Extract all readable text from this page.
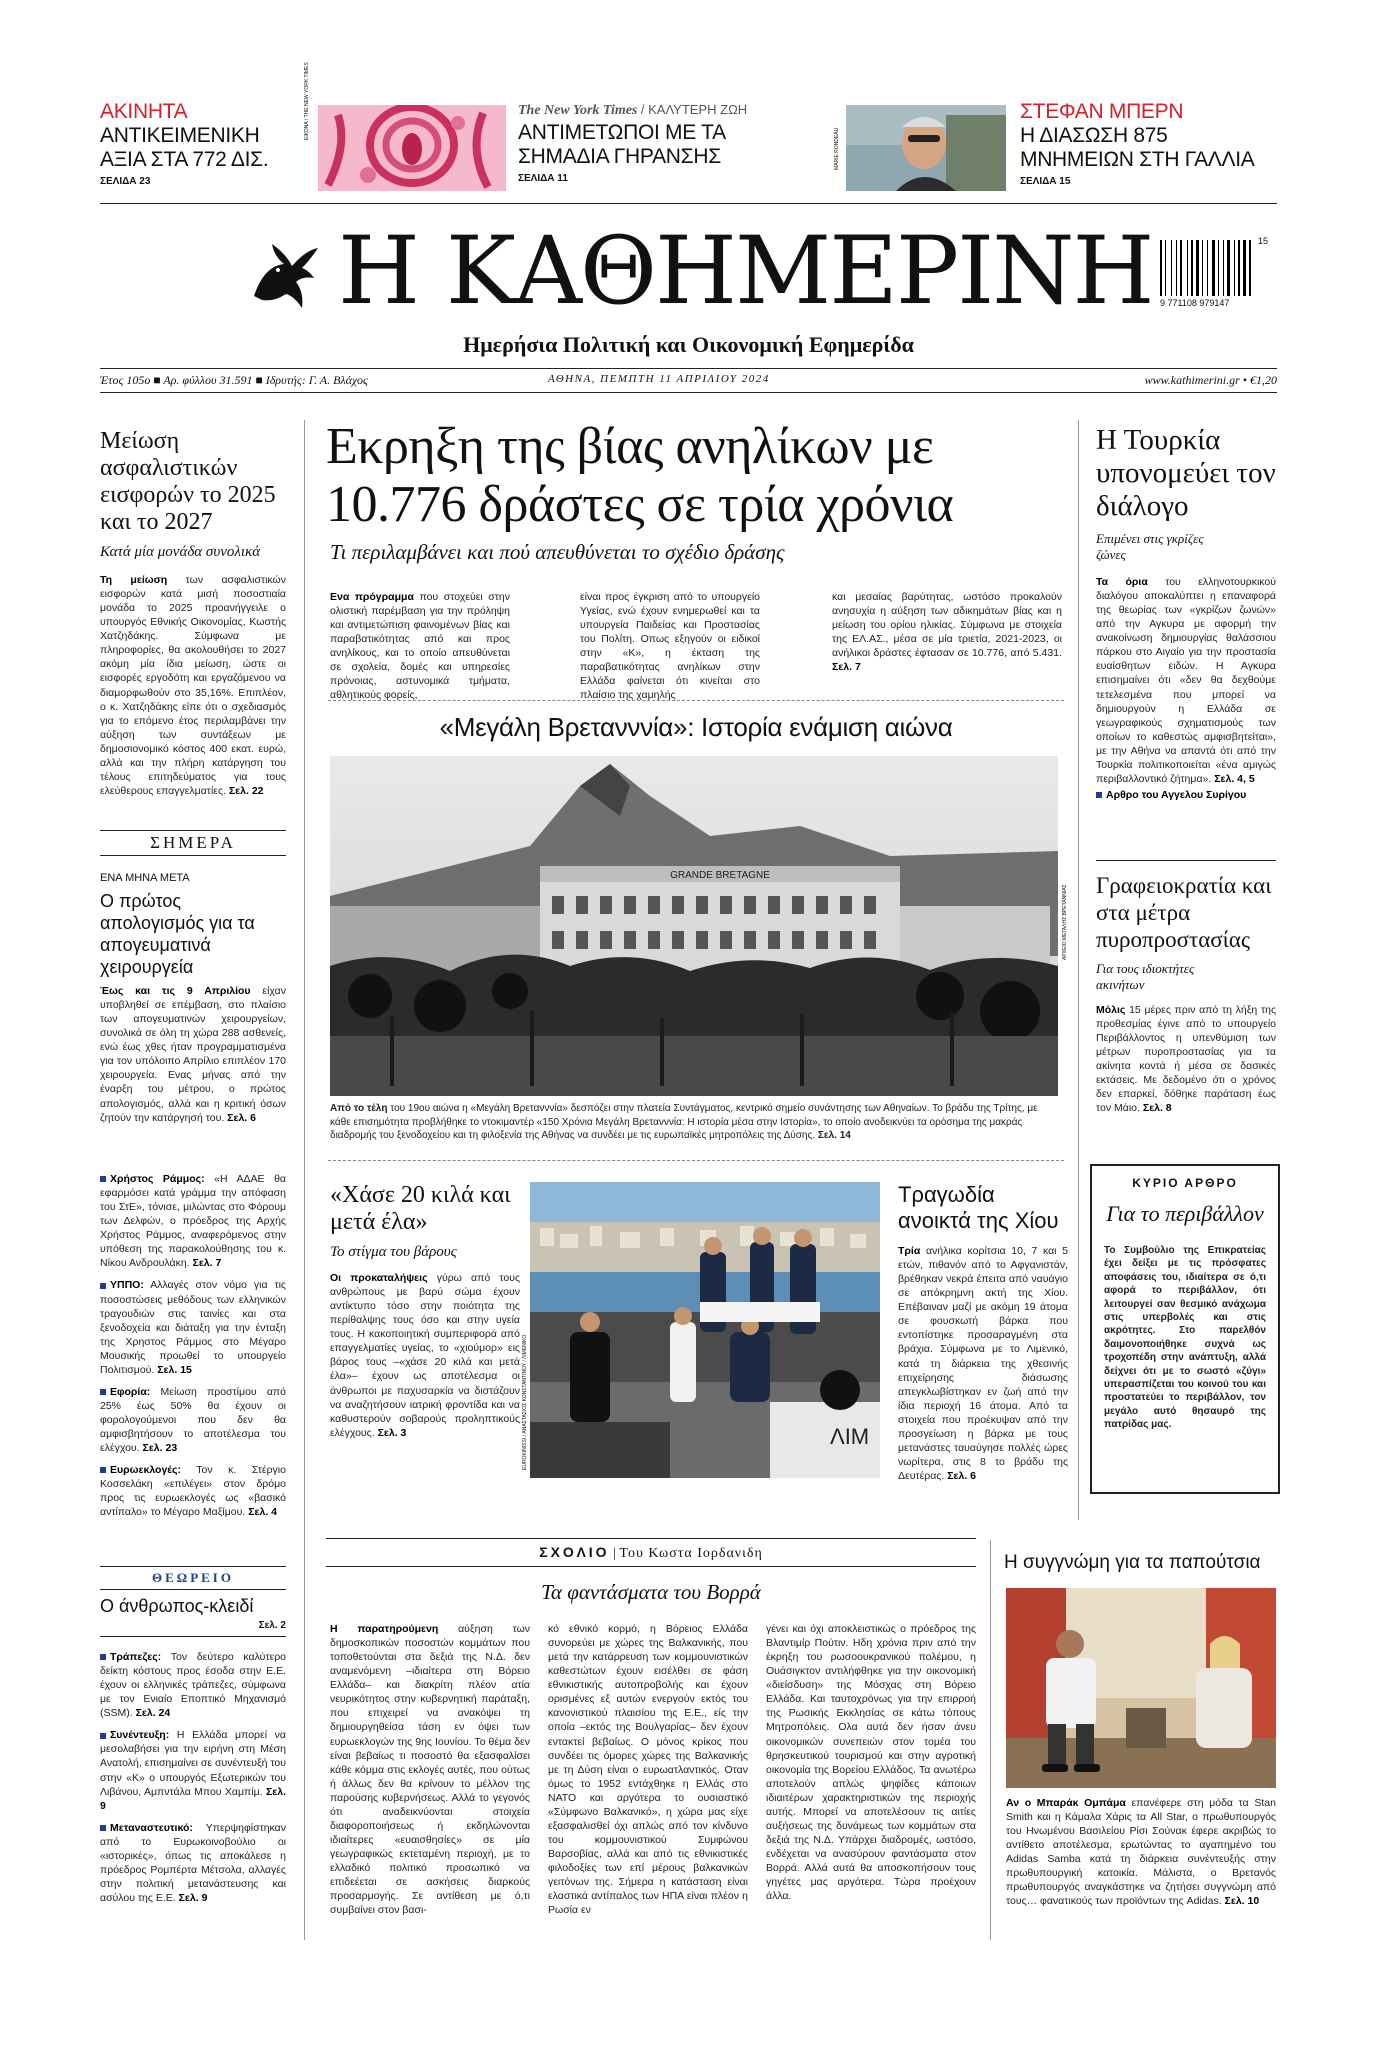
ΑΚΙΝΗΤΑ
ΑΝΤΙΚΕΙΜΕΝΙΚΗ ΑΞΙΑ ΣΤΑ 772 ΔΙΣ.
ΣΕΛΙΔΑ 23
ΕΙΚΟΝΑ / THE NEW YORK TIMES	The New York Times / ΚΑΛΥΤΕΡΗ ΖΩΗ
ΑΝΤΙΜΕΤΩΠΟΙ ΜΕ ΤΑ ΣΗΜΑΔΙΑ ΓΗΡΑΝΣΗΣ
ΣΕΛΙΔΑ 11
MARIE RONDEAU
ΣΤΕΦΑΝ ΜΠΕΡΝ
Η ΔΙΑΣΩΣΗ 875 ΜΝΗΜΕΙΩΝ ΣΤΗ ΓΑΛΛΙΑ
ΣΕΛΙΔΑ 15
Η ΚΑΘΗΜΕΡΙΝΗ 9 771108 979147
15
Ημερήσια Πολιτική και Οικονομική Εφημερίδα
Έτος 105ο ■ Αρ. φύλλου 31.591 ■ Ιδρυτής: Γ. Α. Βλάχος	ΑΘΗΝΑ, ΠΕΜΠΤΗ 11 ΑΠΡΙΛΙΟΥ 2024	www.kathimerini.gr • €1,20
Μείωση ασφαλιστικών εισφορών το 2025 και το 2027
Κατά μία μονάδα συνολικά
Τη μείωση των ασφαλιστικών εισφορών κατά μισή ποσοστιαία μονάδα το 2025 προανήγγειλε ο υπουργός Εθνικής Οικονομίας, Κωστής Χατζηδάκης. Σύμφωνα με πληροφορίες, θα ακολουθήσει το 2027 ακόμη μία ίδια μείωση, ώστε οι εισφορές εργοδότη και εργαζόμενου να διαμορφωθούν στο 35,16%. Επιπλέον, ο κ. Χατζηδάκης είπε ότι ο σχεδιασμός για το επόμενο έτος περιλαμβάνει την αύξηση των συντάξεων με δημοσιονομικό κόστος 400 εκατ. ευρώ, αλλά και την πλήρη κατάργηση του τέλους επιτηδεύματος για τους ελεύθερους επαγγελματίες. Σελ. 22
ΣΗΜΕΡΑ
ΕΝΑ ΜΗΝΑ ΜΕΤΑ
Ο πρώτος απολογισμός για τα απογευματινά χειρουργεία
Έως και τις 9 Απριλίου είχαν υποβληθεί σε επέμβαση, στο πλαίσιο των απογευματινών χειρουργείων, συνολικά σε όλη τη χώρα 288 ασθενείς, ενώ έως χθες ήταν προγραμματισμένα για τον υπόλοιπο Απρίλιο επιπλέον 170 χειρουργεία. Ενας μήνας από την έναρξη του μέτρου, ο πρώτος απολογισμός, αλλά και η κριτική όσων ζητούν την κατάργησή του. Σελ. 6
Χρήστος Ράμμος: «Η ΑΔΑΕ θα εφαρμόσει κατά γράμμα την απόφαση του ΣτΕ», τόνισε, μιλώντας στο Φόρουμ των Δελφών, ο πρόεδρος της Αρχής Χρήστος Ράμμος, αναφερόμενος στην υπόθεση της παρακολούθησης του κ. Νίκου Ανδρουλάκη. Σελ. 7
ΥΠΠΟ: Αλλαγές στον νόμο για τις ποσοστώσεις μεθόδους των ελληνικών τραγουδιών στις ταινίες και στα ξενοδοχεία και διάταξη για την ένταξη της Χρηστος Ράμμος στο Μέγαρο Μουσικής προωθεί το υπουργείο Πολιτισμού. Σελ. 15
Εφορία: Μείωση προστίμου από 25% έως 50% θα έχουν οι φορολογούμενοι που δεν θα αμφισβητήσουν το αποτέλεσμα του ελέγχου. Σελ. 23
Ευρωεκλογές: Τον κ. Στέργιο Κοσσελάκη «επιλέγει» στον δρόμο προς τις ευρωεκλογές ως «βασικό αντίπαλο» το Μέγαρο Μαξίμου. Σελ. 4
ΘΕΩΡΕΙΟ
Ο άνθρωπος-κλειδί
Σελ. 2
Τράπεζες: Τον δεύτερο καλύτερο δείκτη κόστους προς έσοδα στην Ε.Ε. έχουν οι ελληνικές τράπεζες, σύμφωνα με τον Ενιαίο Εποπτικό Μηχανισμό (SSM). Σελ. 24
Συνέντευξη: Η Ελλάδα μπορεί να μεσολαβήσει για την ειρήνη στη Μέση Ανατολή, επισημαίνει σε συνέντευξή του στην «Κ» ο υπουργός Εξωτερικών του Λιβάνου, Αμπντάλα Μπου Χαμπίμ. Σελ. 9
Μεταναστευτικό: Υπερψηφίστηκαν από το Ευρωκοινοβούλιο οι «ιστορικές», όπως τις αποκάλεσε η πρόεδρος Ρομπέρτα Μέτσολα, αλλαγές στην πολιτική μετανάστευσης και ασύλου της Ε.Ε. Σελ. 9
Εκρηξη της βίας ανηλίκων με 10.776 δράστες σε τρία χρόνια
Τι περιλαμβάνει και πού απευθύνεται το σχέδιο δράσης
Ενα πρόγραμμα που στοχεύει στην ολιστική παρέμβαση για την πρόληψη και αντιμετώπιση φαινομένων βίας και παραβατικότητας από και προς ανηλίκους, και το οποίο απευθύνεται σε σχολεία, δομές και υπηρεσίες πρόνοιας, αστυνομικά τμήματα, αθλητικούς φορείς,
είναι προς έγκριση από το υπουργείο Υγείας, ενώ έχουν ενημερωθεί και τα υπουργεία Παιδείας και Προστασίας του Πολίτη. Οπως εξηγούν οι ειδικοί στην «Κ», η έκταση της παραβατικότητας ανηλίκων στην Ελλάδα φαίνεται ότι κινείται στο πλαίσιο της χαμηλής
και μεσαίας βαρύτητας, ωστόσο προκαλούν ανησυχία η αύξηση των αδικημάτων βίας και η μείωση του ορίου ηλικίας. Σύμφωνα με στοιχεία της ΕΛ.ΑΣ., μέσα σε μία τριετία, 2021-2023, οι ανήλικοι δράστες έφτασαν σε 10.776, από 5.431. Σελ. 7
«Μεγάλη Βρετανννία»: Ιστορία ενάμιση αιώνα
GRANDE BRETAGNE
ΑΡΧΕΙΟ ΜΕΓΑΛΗΣ ΒΡΕΤΑΝΝΙΑΣ
Από το τέλη του 19ου αιώνα η «Μεγάλη Βρετανννία» δεσπόζει στην πλατεία Συντάγματος, κεντρικό σημείο συνάντησης των Αθηναίων. Το βράδυ της Τρίτης, με κάθε επισημότητα προβλήθηκε το ντοκιμαντέρ «150 Χρόνια Μεγάλη Βρετανννία: Η ιστορία μέσα στην Ιστορία», το οποίο ανοδεικνύει τα ορόσημα της μακράς διαδρομής του ξενοδοχείου και τη φιλοξενία της Αθήνας να συνδέει με τις ευρωπαϊκές μητροπόλεις της Δύσης. Σελ. 14
Η Τουρκία υπονομεύει τον διάλογο
Επιμένει στις γκρίζες ζώνες
Τα όρια του ελληνοτουρκικού διαλόγου αποκαλύπτει η επαναφορά της θεωρίας των «γκρίζων ζωνών» από την Αγκυρα με αφορμή την ανακοίνωση δημιουργίας θαλάσσιου πάρκου στο Αιγαίο για την προστασία ευαίσθητων ειδών. Η Αγκυρα επισημαίνει ότι «δεν θα δεχθούμε τετελεσμένα που μπορεί να δημιουργούν η Ελλάδα σε γεωγραφικούς σχηματισμούς των οποίων το καθεστώς αμφισβητείται», με την Αθήνα να απαντά ότι από την Τουρκία πολιτικοποιείται «ένα αμιγώς περιβαλλοντικό ζήτημα». Σελ. 4, 5
Αρθρο του Αγγελου Συρίγου
Γραφειοκρατία και στα μέτρα πυροπροστασίας
Για τους ιδιοκτήτες ακινήτων
Μόλις 15 μέρες πριν από τη λήξη της προθεσμίας έγινε από το υπουργείο Περιβάλλοντος η υπενθύμιση των μέτρων πυροπροστασίας για τα ακίνητα κοντά ή μέσα σε δασικές εκτάσεις. Με δεδομένο ότι ο χρόνος δεν επαρκεί, δόθηκε παράταση έως τον Μάιο. Σελ. 8
ΚΥΡΙΟ ΑΡΘΡΟ
Για το περιβάλλον
Το Συμβούλιο της Επικρατείας έχει δείξει με τις πρόσφατες αποφάσεις του, ιδιαίτερα σε ό,τι αφορά το περιβάλλον, ότι λειτουργεί σαν θεσμικό ανάχωμα στις υπερβολές και στις ακρότητες. Στο παρελθόν δαιμονοποιήθηκε συχνά ως τροχοπέδη στην ανάπτυξη, αλλά δείχνει ότι με το σωστό «ζύγι» υπερασπίζεται του κοινού του και προστατεύει το περιβάλλον, τον μεγάλο αυτό θησαυρό της πατρίδας μας.
«Χάσε 20 κιλά και μετά έλα»
Το στίγμα του βάρους
Οι προκαταλήψεις γύρω από τους ανθρώπους με βαρύ σώμα έχουν αντίκτυπο τόσο στην ποιότητα της περίθαλψης τους όσο και στην υγεία τους. Η κακοποιητική συμπεριφορά από επαγγελματίες υγείας, το «χιούμορ» εις βάρος τους –«χάσε 20 κιλά και μετά έλα»– έχουν ως αποτέλεσμα οι άνθρωποι με παχυσαρκία να διστάζουν να αναζητήσουν ιατρική φροντίδα και να καθυστερούν σοβαρούς προληπτικούς ελέγχους. Σελ. 3	ΛΙΜ
EUROKINISSI / ΑΝΑΣΤΑΣΙΟΣ ΚΩΝΣΤΑΝΤΙΝΟΥ / ΛΙΜΕΝΙΚΟ
Τραγωδία ανοικτά της Χίου
Τρία ανήλικα κορίτσια 10, 7 και 5 ετών, πιθανόν από το Αφγανιστάν, βρέθηκαν νεκρά έπειτα από ναυάγιο σε απόκρημνη ακτή της Χίου. Επέβαιναν μαζί με ακόμη 19 άτομα σε φουσκωτή βάρκα που εντοπίστηκε προσαραγμένη στα βράχια. Σύμφωνα με το Λιμενικό, κατά τη διάρκεια της χθεσινής επιχείρησης διάσωσης απεγκλωβίστηκαν εν ζωή από την ίδια περιοχή 16 άτομα. Από τα στοιχεία που προέκυψαν από την προσγείωση η βάρκα με τους μετανάστες ταυαύγησε πολλές ώρες νωρίτερα, στις 8 το βράδυ της Δευτέρας. Σελ. 6
ΣΧΟΛΙΟ | Του Κωστα Ιορδανιδη
Τα φαντάσματα του Βορρά
Η παρατηρούμενη αύξηση των δημοσκοπικών ποσοστών κομμάτων που τοποθετούνται στα δεξιά της Ν.Δ. δεν αναμενόμενη –ιδιαίτερα στη Βόρειο Ελλάδα– και διακρίτη πλέον ατία νευρικότητος στην κυβερνητική παράταξη, που επιχειρεί να ανακόψει τη δημιουργηθείσα τάση εν όψει των ευρωεκλογών της 9ης Ιουνίου. Το θέμα δεν είναι βεβαίως τι ποσοστό θα εξασφαλίσει κάθε κόμμα στις εκλογές αυτές, που ούτως ή άλλως δεν θα κρίνουν το μέλλον της παρούσης κυβερνήσεως. Αλλά το γεγονός ότι αναδεικνύονται στοιχεία διαφοροποιήσεως ή εκδηλώνονται ιδιαίτερες «ευαισθησίες» σε μία γεωγραφικώς εκτεταμένη περιοχή, με το ελλαδικό πολιτικό προσωπικό να επιδεέεται σε ασκήσεις διαρκούς προσαρμογής. Σε αντίθεση με ό,τι συμβαίνει στον βασι-
κό εθνικό κορμό, η Βόρειος Ελλάδα συνορεύει με χώρες της Βαλκανικής, που μετά την κατάρρευση των κομμουνιστικών καθεστώτων έχουν εισέλθει σε φάση εθνικιστικής αυτοπροβολής και έχουν ορισμένες εξ αυτών ενεργούν εκτός του κανονιστικού πλαισίου της Ε.Ε., είς την οποία –εκτός της Βουλγαρίας– δεν έχουν εντακτεί βεβαίως. Ο μόνος κρίκος που συνδέει τις όμορες χώρες της Βαλκανικής με τη Δύση είναι ο ευρωατλαντικός. Οταν όμως το 1952 εντάχθηκε η Ελλάς στο ΝΑΤΟ και αργότερα το ουσιαστικό «Σύμφωνο Βαλκανικό», η χώρα μας είχε εξασφαλισθεί όχι απλώς από τον κίνδυνο του κομμουνιστικού Συμφώνου Βαρσοβίας, αλλά και από τις εθνικιστικές φιλοδοξίες των επί μέρους βαλκανικών γειτόνων της. Σήμερα η κατάσταση είναι ελαστικά αντίπαλος των ΗΠΑ είναι πλέον η Ρωσία εν
γένει και όχι αποκλειστικώς ο πρόεδρος της Βλαντιμίρ Πούτιν. Ηδη χρόνια πριν από την έκρηξη του ρωσοουκρανικού πολέμου, η Ουάσιγκτον αντιλήφθηκε για την οικονομική «διείσδυση» της Μόσχας στη Βόρειο Ελλάδα. Και ταυτοχρόνως για την επιρροή της Ρωσικής Εκκλησίας σε κάτω τόπους Μητροπόλεις. Ολα αυτά δεν ήσαν άνευ οικονομικών συνεπειών στον τομέα του θρησκευτικού τουρισμού και στην αγροτική οικονομία της Βορείου Ελλάδος. Τα ανωτέρω αποτελούν απλώς ψηφίδες κάποιων ιδιαιτέρων χαρακτηριστικών της περιοχής αυτής. Μπορεί να αποτελέσουν τις αιτίες αυξήσεως της δυνάμεως των κομμάτων στα δεξιά της Ν.Δ. Υπάρχει διαδρομές, ωστόσο, ενδέχεται να ανασύρουν φαντάσματα στον Βορρά. Αλλά αυτά θα αποσκοπήσουν τους γηγέτες μας αργότερα. Τώρα προέχουν άλλα.
Η συγγνώμη για τα παπούτσια
Αν ο Μπαράκ Ομπάμα επανέφερε στη μόδα τα Stan Smith και η Κάμαλα Χάρις τα All Star, ο πρωθυπουργός του Ηνωμένου Βασιλείου Ρίσι Σούνακ έφερε ακριβώς το αντίθετο αποτέλεσμα, ερωτώντας το αγαπημένο του Adidas Samba κατά τη διάρκεια συνέντευξής στην πρωθυπουργική κατοικία. Μάλιστα, ο Βρετανός πρωθυπουργός αναγκάστηκε να ζητήσει συγγνώμη από τους… φανατικούς των προϊόντων της Adidas. Σελ. 10
